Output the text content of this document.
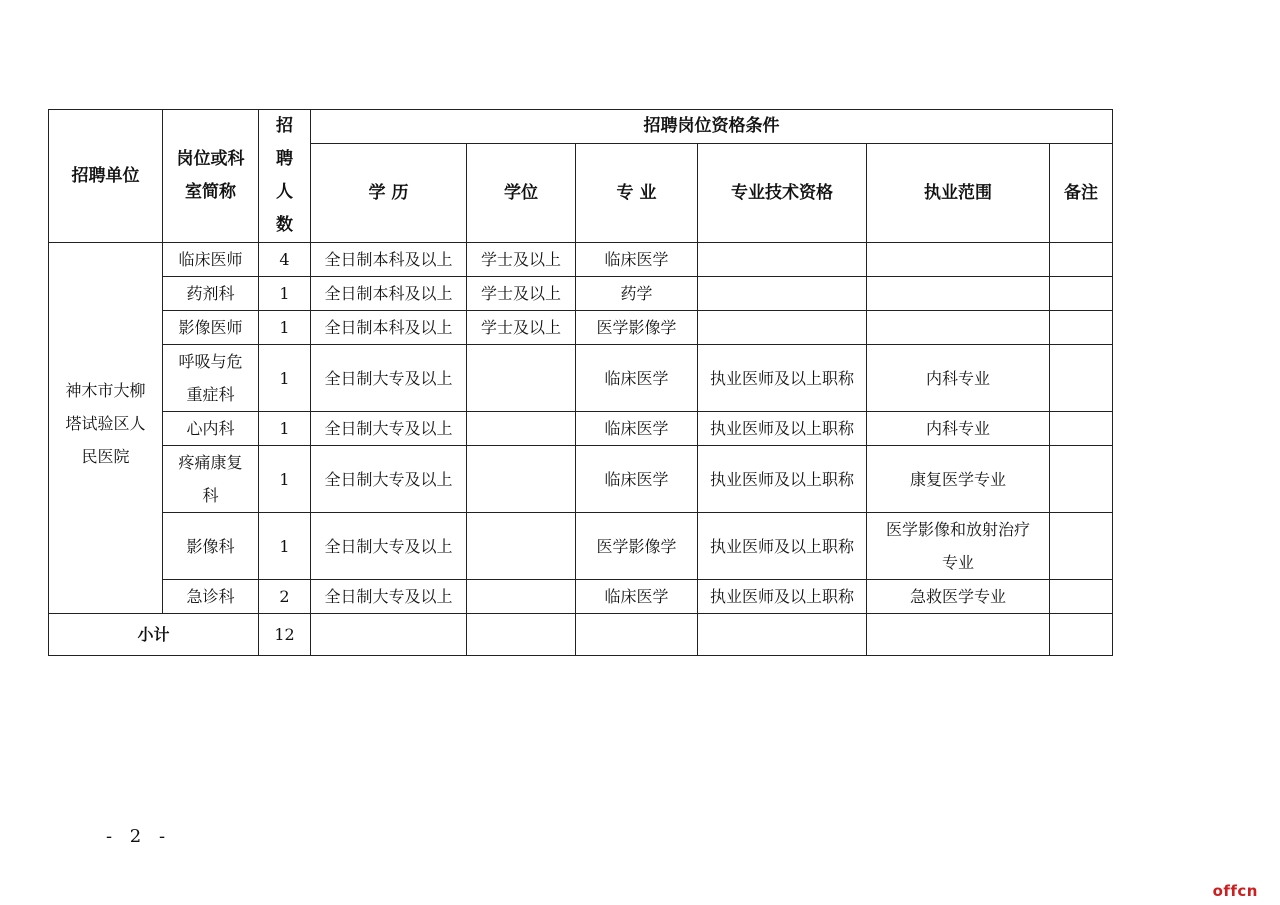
招聘单位	岗位或科
室简称	招
聘
人
数	招聘岗位资格条件					
			学 历	学位	专 业	专业技术资格	执业范围	备注

神木市大柳
塔试验区人
民医院	临床医师	4	全日制本科及以上	学士及以上	临床医学		

	药剂科	1	全日制本科及以上	学士及以上	药学		

	影像医师	1	全日制本科及以上	学士及以上	医学影像学		

	呼吸与危
重症科	1	全日制大专及以上		临床医学	执业医师及以上职称	内科专业	

	心内科	1	全日制大专及以上		临床医学	执业医师及以上职称	内科专业	

	疼痛康复
科	1	全日制大专及以上		临床医学	执业医师及以上职称	康复医学专业	

	影像科	1	全日制大专及以上		医学影像学	执业医师及以上职称	医学影像和放射治疗
专业	

	急诊科	2	全日制大专及以上		临床医学	执业医师及以上职称	急救医学专业	

小计		12						
- 2 -
offcn
